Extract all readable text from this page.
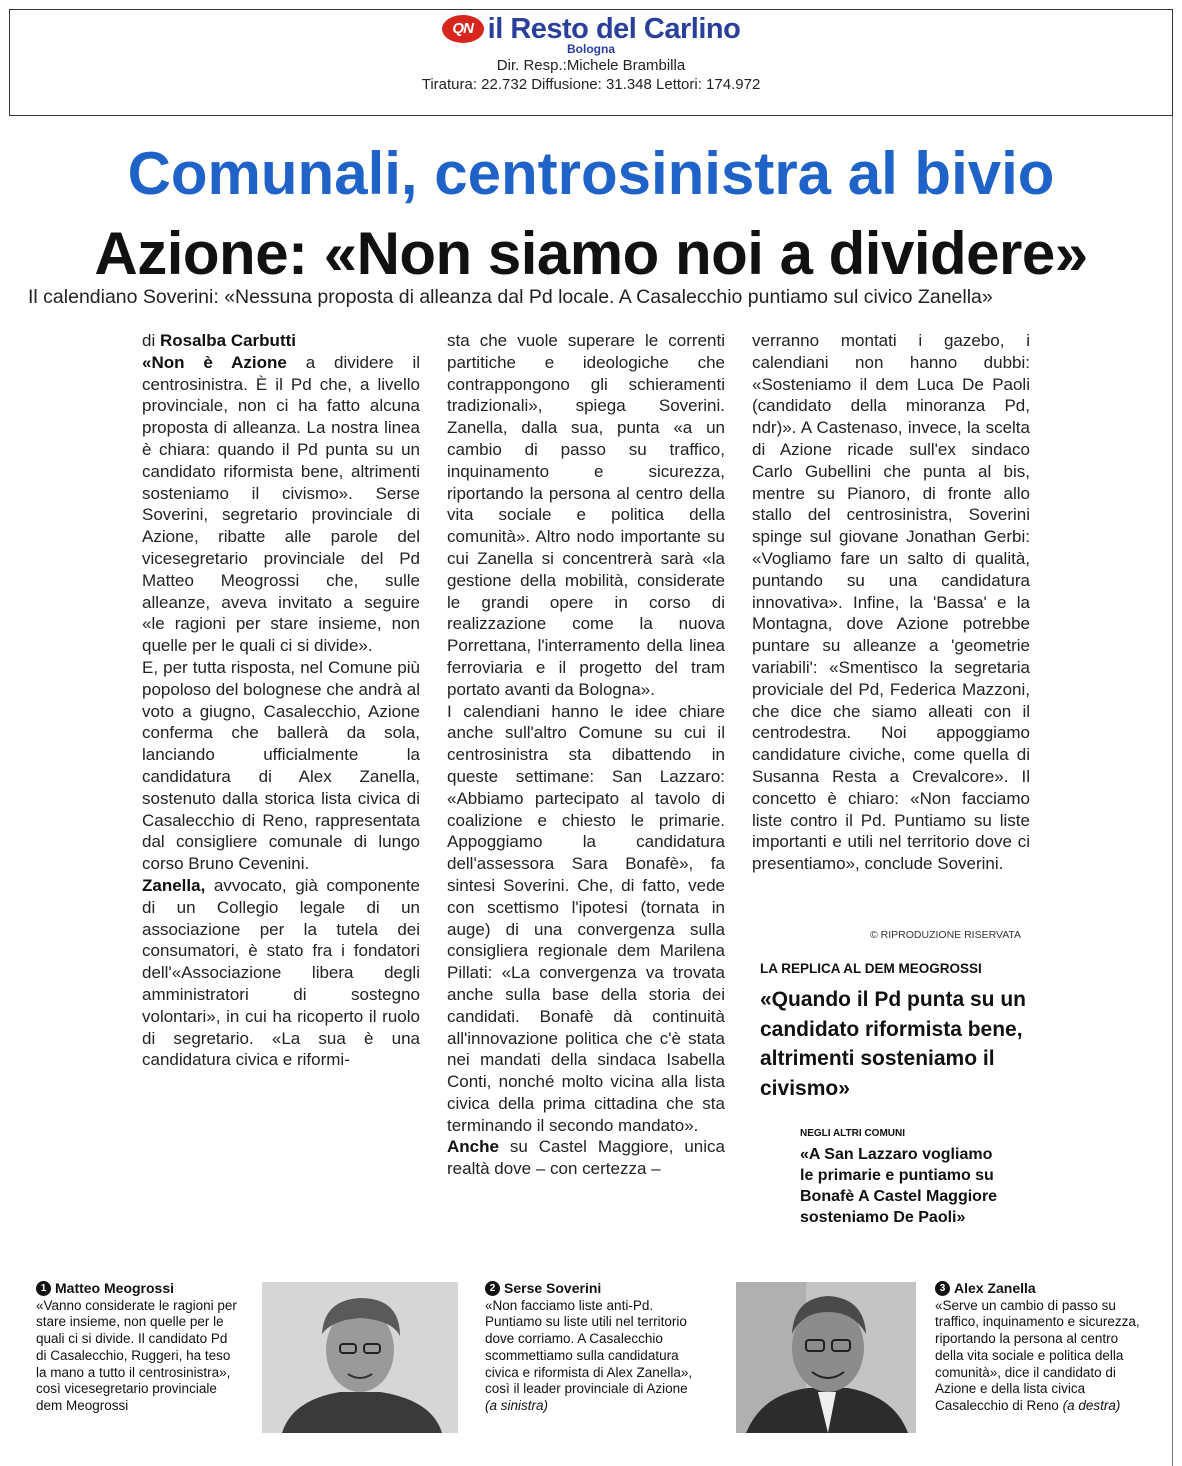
QN il Resto del Carlino
Bologna
Dir. Resp.:Michele Brambilla
Tiratura: 22.732 Diffusione: 31.348 Lettori: 174.972
Comunali, centrosinistra al bivio
Azione: «Non siamo noi a dividere»
Il calendiano Soverini: «Nessuna proposta di alleanza dal Pd locale. A Casalecchio puntiamo sul civico Zanella»

di Rosalba Carbutti

«Non è Azione a dividere il centrosinistra. È il Pd che, a livello provinciale, non ci ha fatto alcuna proposta di alleanza. La nostra linea è chiara: quando il Pd punta su un candidato riformista bene, altrimenti sosteniamo il civismo». Serse Soverini, segretario provinciale di Azione, ribatte alle parole del vicesegretario provinciale del Pd Matteo Meogrossi che, sulle alleanze, aveva invitato a seguire «le ragioni per stare insieme, non quelle per le quali ci si divide».

E, per tutta risposta, nel Comune più popoloso del bolognese che andrà al voto a giugno, Casalecchio, Azione conferma che ballerà da sola, lanciando ufficialmente la candidatura di Alex Zanella, sostenuto dalla storica lista civica di Casalecchio di Reno, rappresentata dal consigliere comunale di lungo corso Bruno Cevenini.

Zanella, avvocato, già componente di un Collegio legale di un associazione per la tutela dei consumatori, è stato fra i fondatori dell'«Associazione libera degli amministratori di sostegno volontari», in cui ha ricoperto il ruolo di segretario. «La sua è una candidatura civica e riformi-

sta che vuole superare le correnti partitiche e ideologiche che contrappongono gli schieramenti tradizionali», spiega Soverini. Zanella, dalla sua, punta «a un cambio di passo su traffico, inquinamento e sicurezza, riportando la persona al centro della vita sociale e politica della comunità». Altro nodo importante su cui Zanella si concentrerà sarà «la gestione della mobilità, considerate le grandi opere in corso di realizzazione come la nuova Porrettana, l'interramento della linea ferroviaria e il progetto del tram portato avanti da Bologna».

I calendiani hanno le idee chiare anche sull'altro Comune su cui il centrosinistra sta dibattendo in queste settimane: San Lazzaro: «Abbiamo partecipato al tavolo di coalizione e chiesto le primarie. Appoggiamo la candidatura dell'assessora Sara Bonafè», fa sintesi Soverini. Che, di fatto, vede con scettismo l'ipotesi (tornata in auge) di una convergenza sulla consigliera regionale dem Marilena Pillati: «La convergenza va trovata anche sulla base della storia dei candidati. Bonafè dà continuità all'innovazione politica che c'è stata nei mandati della sindaca Isabella Conti, nonché molto vicina alla lista civica della prima cittadina che sta terminando il secondo mandato».

Anche su Castel Maggiore, unica realtà dove – con certezza –

verranno montati i gazebo, i calendiani non hanno dubbi: «Sosteniamo il dem Luca De Paoli (candidato della minoranza Pd, ndr)». A Castenaso, invece, la scelta di Azione ricade sull'ex sindaco Carlo Gubellini che punta al bis, mentre su Pianoro, di fronte allo stallo del centrosinistra, Soverini spinge sul giovane Jonathan Gerbi: «Vogliamo fare un salto di qualità, puntando su una candidatura innovativa». Infine, la 'Bassa' e la Montagna, dove Azione potrebbe puntare su alleanze a 'geometrie variabili': «Smentisco la segretaria proviciale del Pd, Federica Mazzoni, che dice che siamo alleati con il centrodestra. Noi appoggiamo candidature civiche, come quella di Susanna Resta a Crevalcore». Il concetto è chiaro: «Non facciamo liste contro il Pd. Puntiamo su liste importanti e utili nel territorio dove ci presentiamo», conclude Soverini.

© RIPRODUZIONE RISERVATA
LA REPLICA AL DEM MEOGROSSI
«Quando il Pd punta su un candidato riformista bene, altrimenti sosteniamo il civismo»
NEGLI ALTRI COMUNI
«A San Lazzaro vogliamo le primarie e puntiamo su Bonafè A Castel Maggiore sosteniamo De Paoli»
1 Matteo Meogrossi
«Vanno considerate le ragioni per stare insieme, non quelle per le quali ci si divide. Il candidato Pd di Casalecchio, Ruggeri, ha teso la mano a tutto il centrosinistra», così vicesegretario provinciale dem Meogrossi
2 Serse Soverini
«Non facciamo liste anti-Pd. Puntiamo su liste utili nel territorio dove corriamo. A Casalecchio scommettiamo sulla candidatura civica e riformista di Alex Zanella», così il leader provinciale di Azione (a sinistra)
3 Alex Zanella
«Serve un cambio di passo su traffico, inquinamento e sicurezza, riportando la persona al centro della vita sociale e politica della comunità», dice il candidato di Azione e della lista civica Casalecchio di Reno (a destra)
